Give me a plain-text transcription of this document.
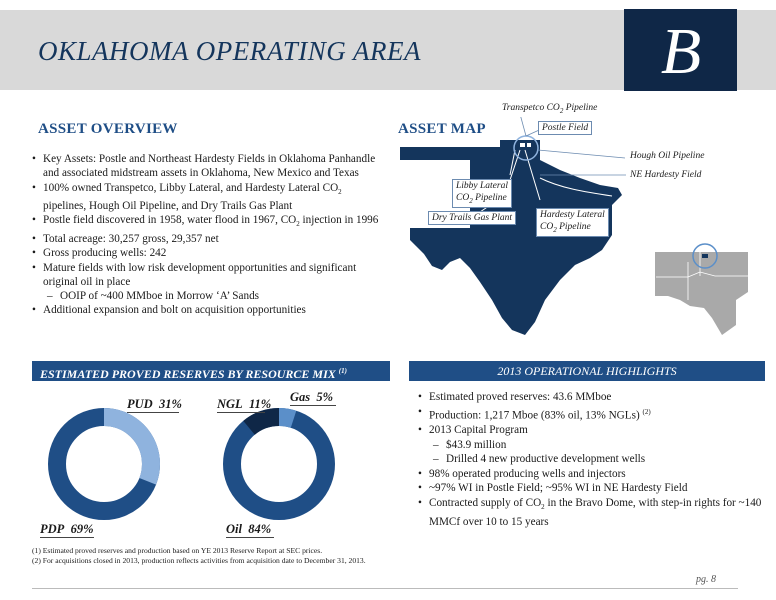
OKLAHOMA OPERATING AREA	B
ASSET OVERVIEW
• Key Assets: Postle and Northeast Hardesty Fields in Oklahoma Panhandle and associated midstream assets in Oklahoma, New Mexico and Texas
• 100% owned Transpetco, Libby Lateral, and Hardesty Lateral $CO_2$ pipelines, Hough Oil Pipeline, and Dry Trails Gas Plant
• Postle field discovered in 1958, water flood in 1967, $CO_2$ injection in 1996
• Total acreage: 30,257 gross, 29,357 net
• Gross producing wells: 242
• Mature fields with low risk development opportunities and significant original oil in place
– OOIP of ~400 MMboe in Morrow ‘A’ Sands
• Additional expansion and bolt on acquisition opportunities
ASSET MAP
Transpetco $CO_2$ Pipeline
Postle Field
Hough Oil Pipeline
NE Hardesty Field
Libby Lateral
$CO_2$ Pipeline
Dry Trails Gas Plant	Hardesty Lateral
$CO_2$ Pipeline
ESTIMATED PROVED RESERVES BY RESOURCE MIX $^{(1)}$	2013 OPERATIONAL HIGHLIGHTS
PUD 31%
PDP 69%
NGL 11% Gas 5%
Oil 84%
• Estimated proved reserves: 43.6 MMboe
• Production: 1,217 Mboe (83% oil, 13% NGLs) $^{(2)}$
• 2013 Capital Program
– $43.9 million
– Drilled 4 new productive development wells
• 98% operated producing wells and injectors
• ~97% WI in Postle Field; ~95% WI in NE Hardesty Field
• Contracted supply of $CO_2$ in the Bravo Dome, with step-in rights for ~140 MMCf over 10 to 15 years
(1) Estimated proved reserves and production based on YE 2013 Reserve Report at SEC prices.
(2) For acquisitions closed in 2013, production reflects activities from acquisition date to December 31, 2013.
pg. 8
